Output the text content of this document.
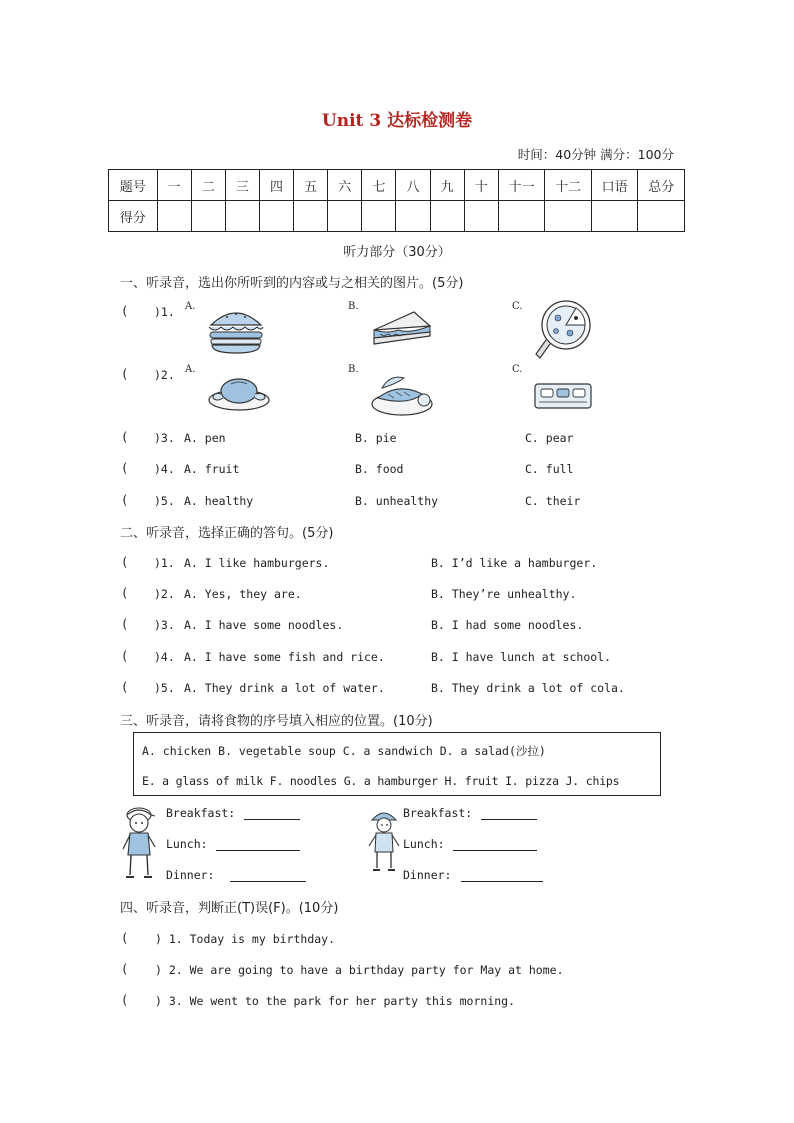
Unit 3 达标检测卷
时间：40分钟 满分：100分
题号	一	二	三	四	五	六	七	八	九	十	十一	十二	口语	总分
得分														
听力部分（30分）
一、听录音，选出你所听到的内容或与之相关的图片。(5分)
( )1. A.	B.	C.
( )2. A.	B.	C.
( )3. A. pen	B. pie	C. pear
( )4. A. fruit	B. food	C. full
( )5. A. healthy	B. unhealthy	C. their
二、听录音，选择正确的答句。(5分)
( )1. A. I like hamburgers.	B. I’d like a hamburger.
( )2. A. Yes, they are.	B. They’re unhealthy.
( )3. A. I have some noodles.	B. I had some noodles.
( )4. A. I have some fish and rice.	B. I have lunch at school.
( )5. A. They drink a lot of water.	B. They drink a lot of cola.
三、听录音，请将食物的序号填入相应的位置。(10分)
A. chicken B. vegetable soup C. a sandwich D. a salad(沙拉)
E. a glass of milk F. noodles G. a hamburger H. fruit I. pizza J. chips
Breakfast:
Lunch:
Dinner:
Breakfast:
Lunch:
Dinner:
四、听录音，判断正(T)误(F)。(10分)
( ) 1. Today is my birthday.
( ) 2. We are going to have a birthday party for May at home.
( ) 3. We went to the park for her party this morning.
